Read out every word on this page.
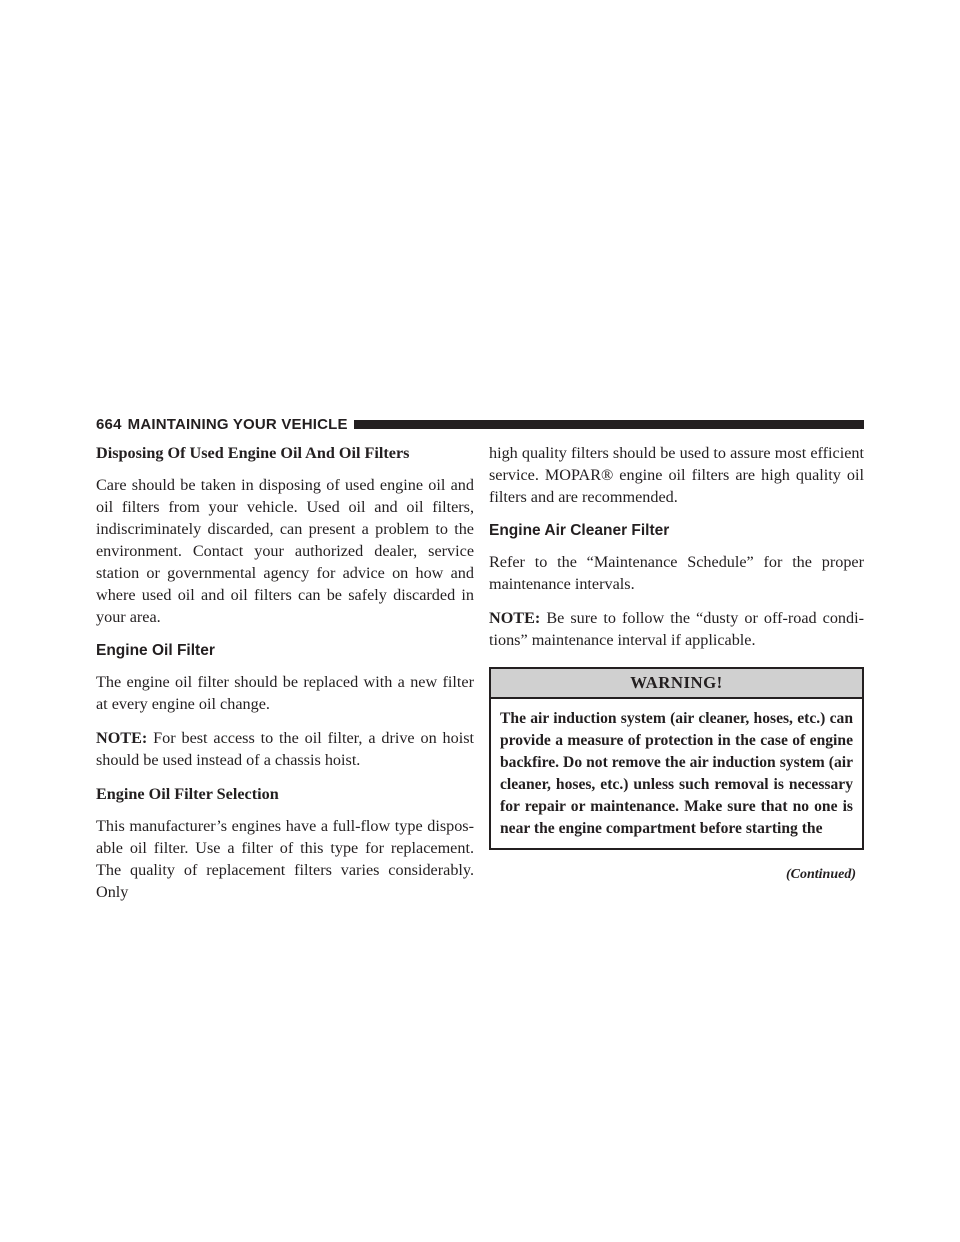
664 MAINTAINING YOUR VEHICLE
Disposing Of Used Engine Oil And Oil Filters

Care should be taken in disposing of used engine oil and oil filters from your vehicle. Used oil and oil filters, indiscriminately discarded, can present a problem to the environment. Contact your authorized dealer, service station or governmental agency for advice on how and where used oil and oil filters can be safely discarded in your area.

Engine Oil Filter

The engine oil filter should be replaced with a new filter at every engine oil change.

NOTE: For best access to the oil filter, a drive on hoist should be used instead of a chassis hoist.

Engine Oil Filter Selection

This manufacturer’s engines have a full-flow type dispos-able oil filter. Use a filter of this type for replacement. The quality of replacement filters varies considerably. Only

high quality filters should be used to assure most efficient service. MOPAR® engine oil filters are high quality oil filters and are recommended.

Engine Air Cleaner Filter

Refer to the “Maintenance Schedule” for the proper maintenance intervals.

NOTE: Be sure to follow the “dusty or off-road condi-tions” maintenance interval if applicable.

WARNING!
The air induction system (air cleaner, hoses, etc.) can provide a measure of protection in the case of engine backfire. Do not remove the air induction system (air cleaner, hoses, etc.) unless such removal is necessary for repair or maintenance. Make sure that no one is near the engine compartment before starting the
(Continued)
